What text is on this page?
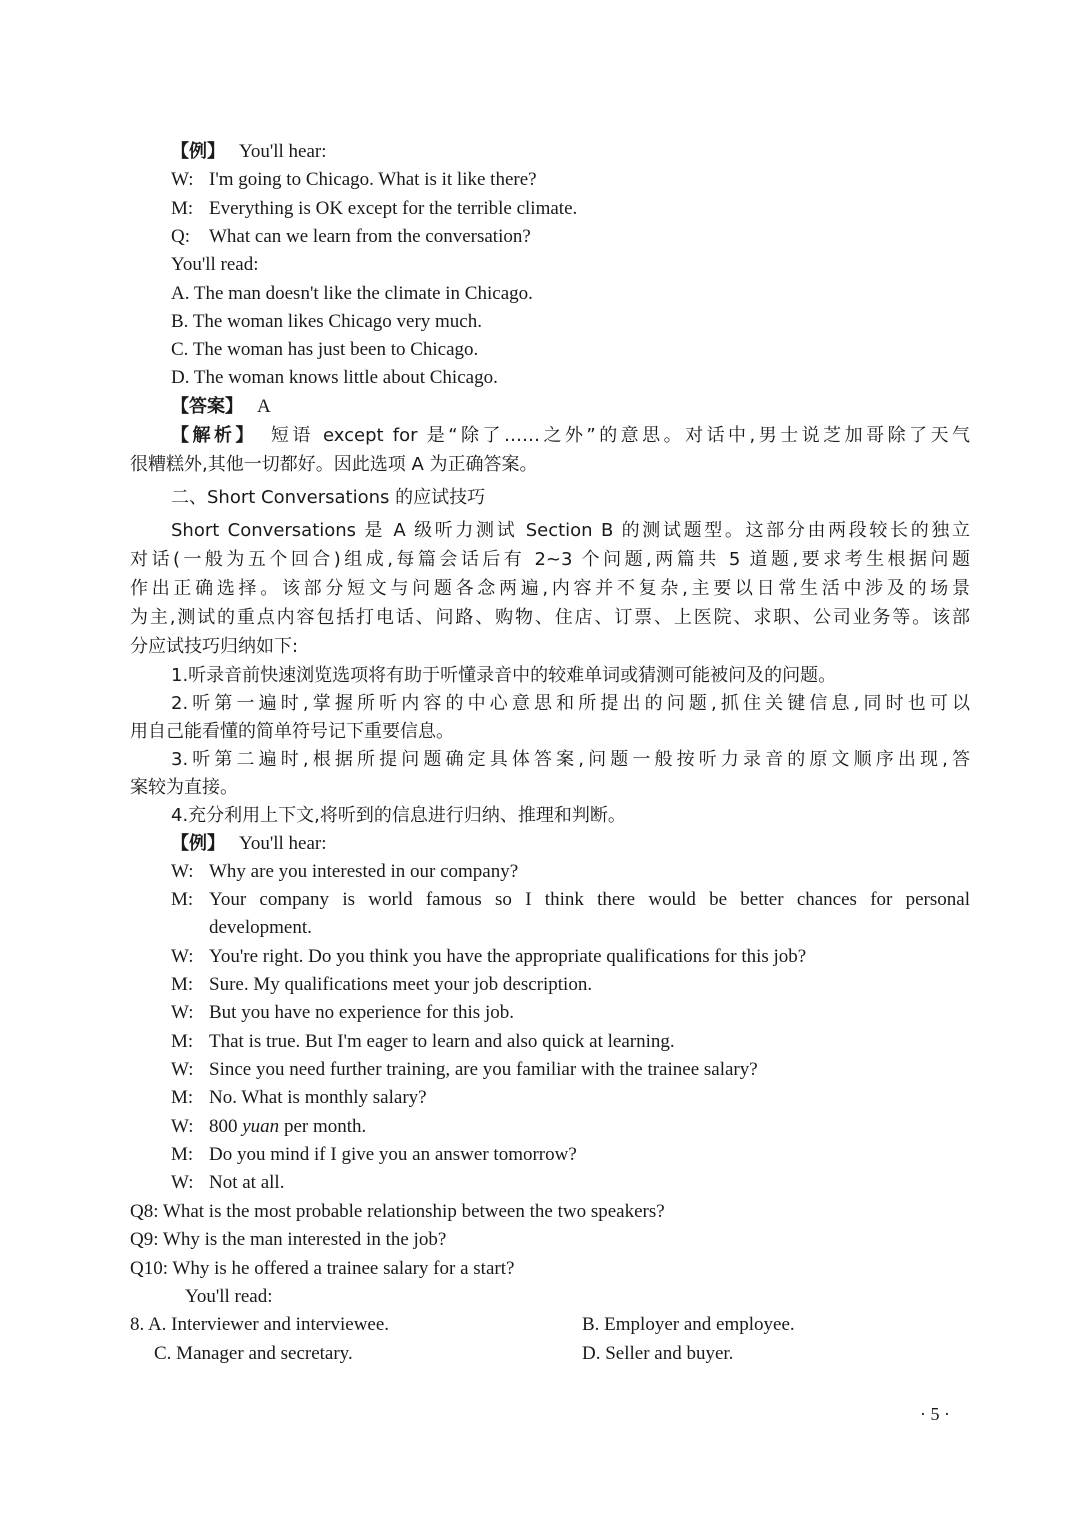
【例】 You'll hear:
W: I'm going to Chicago. What is it like there?
M: Everything is OK except for the terrible climate.
Q: What can we learn from the conversation?
You'll read:
A. The man doesn't like the climate in Chicago.
B. The woman likes Chicago very much.
C. The woman has just been to Chicago.
D. The woman knows little about Chicago.
【答案】 A
【解析】 短语 except for 是“除了……之外”的意思。对话中,男士说芝加哥除了天气
很糟糕外,其他一切都好。因此选项 A 为正确答案。
二、Short Conversations 的应试技巧
Short Conversations 是 A 级听力测试 Section B 的测试题型。这部分由两段较长的独立
对话(一般为五个回合)组成,每篇会话后有 2~3 个问题,两篇共 5 道题,要求考生根据问题
作出正确选择。该部分短文与问题各念两遍,内容并不复杂,主要以日常生活中涉及的场景
为主,测试的重点内容包括打电话、问路、购物、住店、订票、上医院、求职、公司业务等。该部
分应试技巧归纳如下:
1.听录音前快速浏览选项将有助于听懂录音中的较难单词或猜测可能被问及的问题。
2.听第一遍时,掌握所听内容的中心意思和所提出的问题,抓住关键信息,同时也可以
用自己能看懂的简单符号记下重要信息。
3.听第二遍时,根据所提问题确定具体答案,问题一般按听力录音的原文顺序出现,答
案较为直接。
4.充分利用上下文,将听到的信息进行归纳、推理和判断。
【例】 You'll hear:
W: Why are you interested in our company?
M: Your company is world famous so I think there would be better chances for personal
development.
W: You're right. Do you think you have the appropriate qualifications for this job?
M: Sure. My qualifications meet your job description.
W: But you have no experience for this job.
M: That is true. But I'm eager to learn and also quick at learning.
W: Since you need further training, are you familiar with the trainee salary?
M: No. What is monthly salary?
W: 800 yuan per month.
M: Do you mind if I give you an answer tomorrow?
W: Not at all.
Q8: What is the most probable relationship between the two speakers?
Q9: Why is the man interested in the job?
Q10: Why is he offered a trainee salary for a start?
You'll read:
8. A. Interviewer and interviewee.	B. Employer and employee.
C. Manager and secretary.	D. Seller and buyer.
· 5 ·
